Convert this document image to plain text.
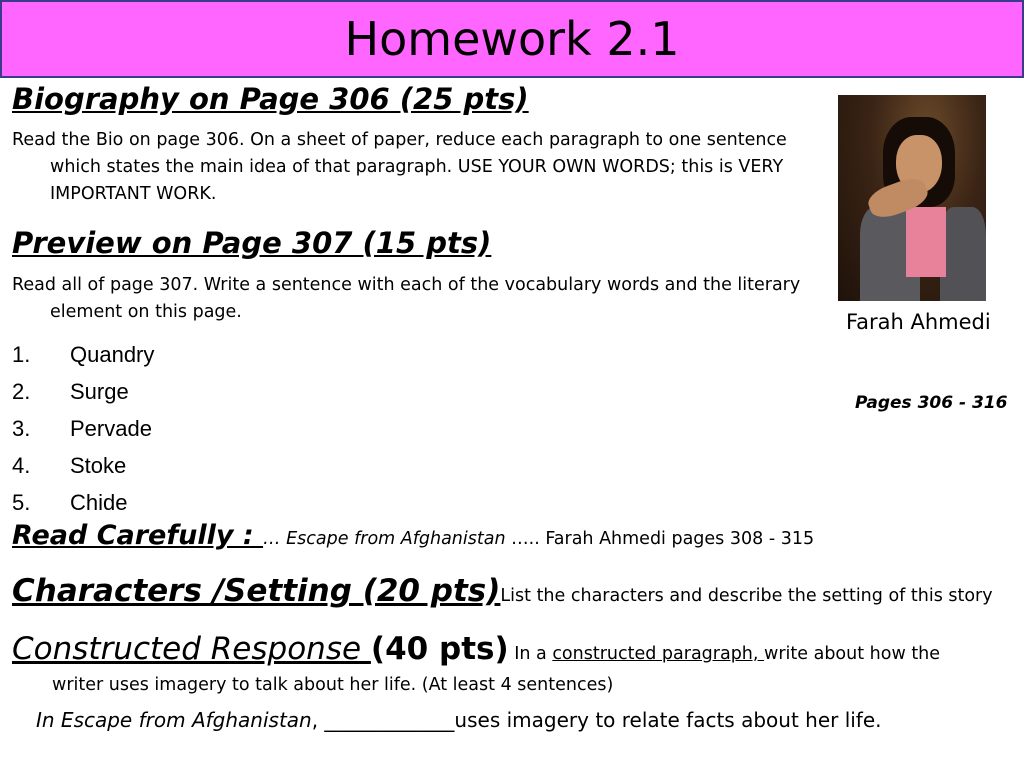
Homework 2.1
Biography on Page 306 (25 pts)
Read the Bio on page 306. On a sheet of paper, reduce each paragraph to one sentence which states the main idea of that paragraph. USE YOUR OWN WORDS; this is VERY IMPORTANT WORK.
Preview on Page 307 (15 pts)
Read all of page 307. Write a sentence with each of the vocabulary words and the literary element on this page.
1. Quandry
2. Surge
3. Pervade
4. Stoke
5. Chide
Farah Ahmedi
Pages 306 - 316
Read Carefully : … Escape from Afghanistan ….. Farah Ahmedi pages 308 - 315
Characters /Setting (20 pts)List the characters and describe the setting of this story
Constructed Response (40 pts) In a constructed paragraph, write about how the
writer uses imagery to talk about her life. (At least 4 sentences)
In Escape from Afghanistan, _____________uses imagery to relate facts about her life.
